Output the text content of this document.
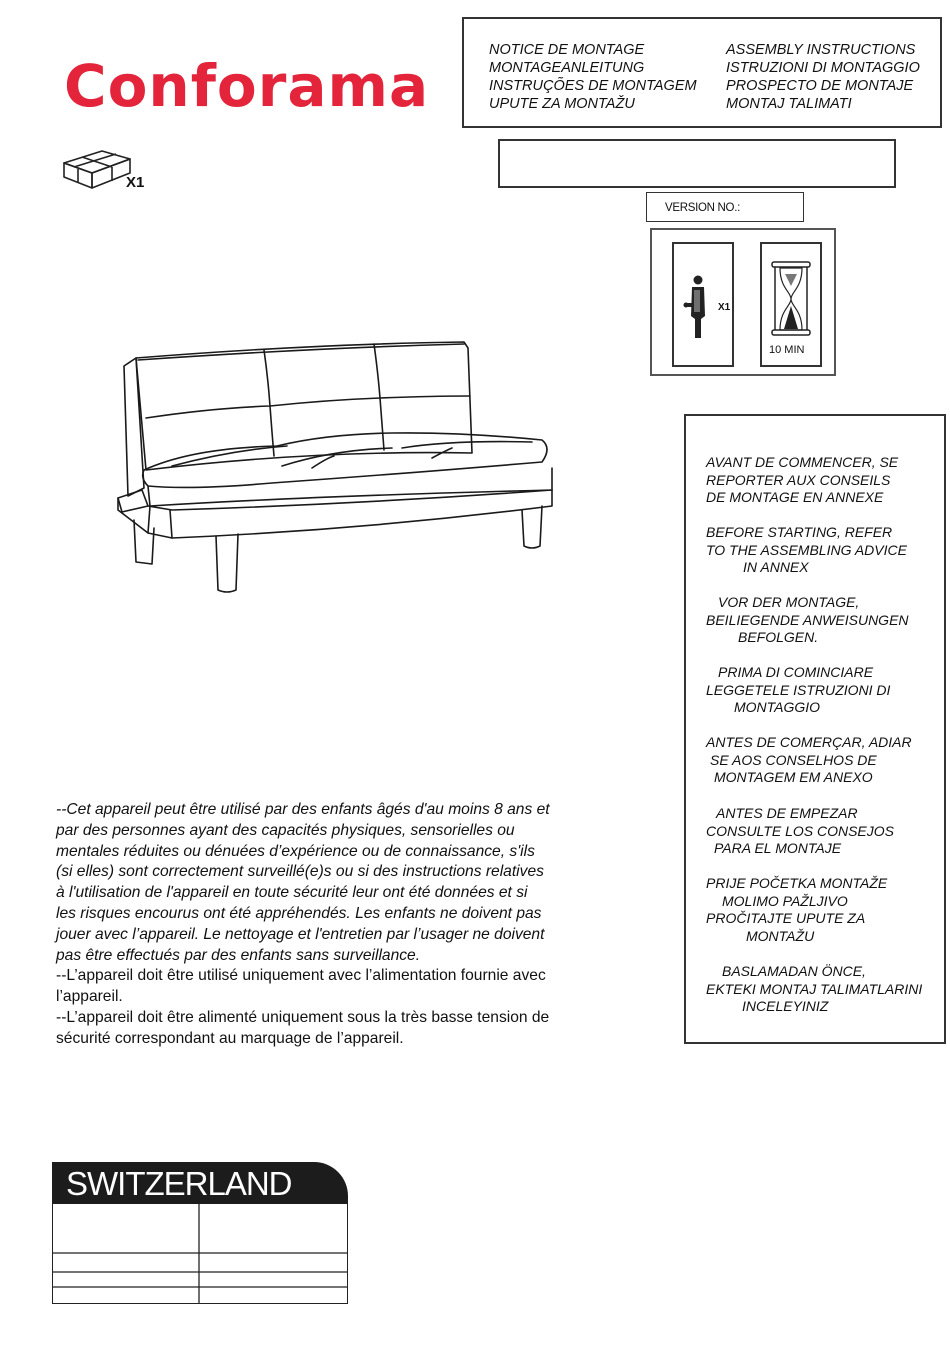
Conforama
X1
NOTICE DE MONTAGE
MONTAGEANLEITUNG
INSTRUÇÕES DE MONTAGEM
UPUTE ZA MONTAŽU
ASSEMBLY INSTRUCTIONS
ISTRUZIONI DI MONTAGGIO
PROSPECTO DE MONTAJE
MONTAJ TALIMATI
VERSION NO.:
X1
10 MIN
AVANT DE COMMENCER, SE
REPORTER AUX CONSEILS
DE MONTAGE EN ANNEXE
BEFORE STARTING, REFER
TO THE ASSEMBLING ADVICE
IN ANNEX
VOR DER MONTAGE,
BEILIEGENDE ANWEISUNGEN
BEFOLGEN.
PRIMA DI COMINCIARE
LEGGETELE ISTRUZIONI DI
MONTAGGIO
ANTES DE COMERÇAR, ADIAR
SE AOS CONSELHOS DE
MONTAGEM EM ANEXO
ANTES DE EMPEZAR
CONSULTE LOS CONSEJOS
PARA EL MONTAJE
PRIJE POČETKA MONTAŽE
MOLIMO PAŽLJIVO
PROČITAJTE UPUTE ZA
MONTAŽU
BASLAMADAN ÖNCE,
EKTEKI MONTAJ TALIMATLARINI
INCELEYINIZ
--Cet appareil peut être utilisé par des enfants âgés d'au moins 8 ans et
par des personnes ayant des capacités physiques, sensorielles ou
mentales réduites ou dénuées d’expérience ou de connaissance, s'ils
(si elles) sont correctement surveillé(e)s ou si des instructions relatives
à l'utilisation de l'appareil en toute sécurité leur ont été données et si
les risques encourus ont été appréhendés. Les enfants ne doivent pas
jouer avec l’appareil. Le nettoyage et l'entretien par l’usager ne doivent
pas être effectués par des enfants sans surveillance.
--L’appareil doit être utilisé uniquement avec l’alimentation fournie avec
l’appareil.
--L’appareil doit être alimenté uniquement sous la très basse tension de
sécurité correspondant au marquage de l’appareil.
SWITZERLAND
